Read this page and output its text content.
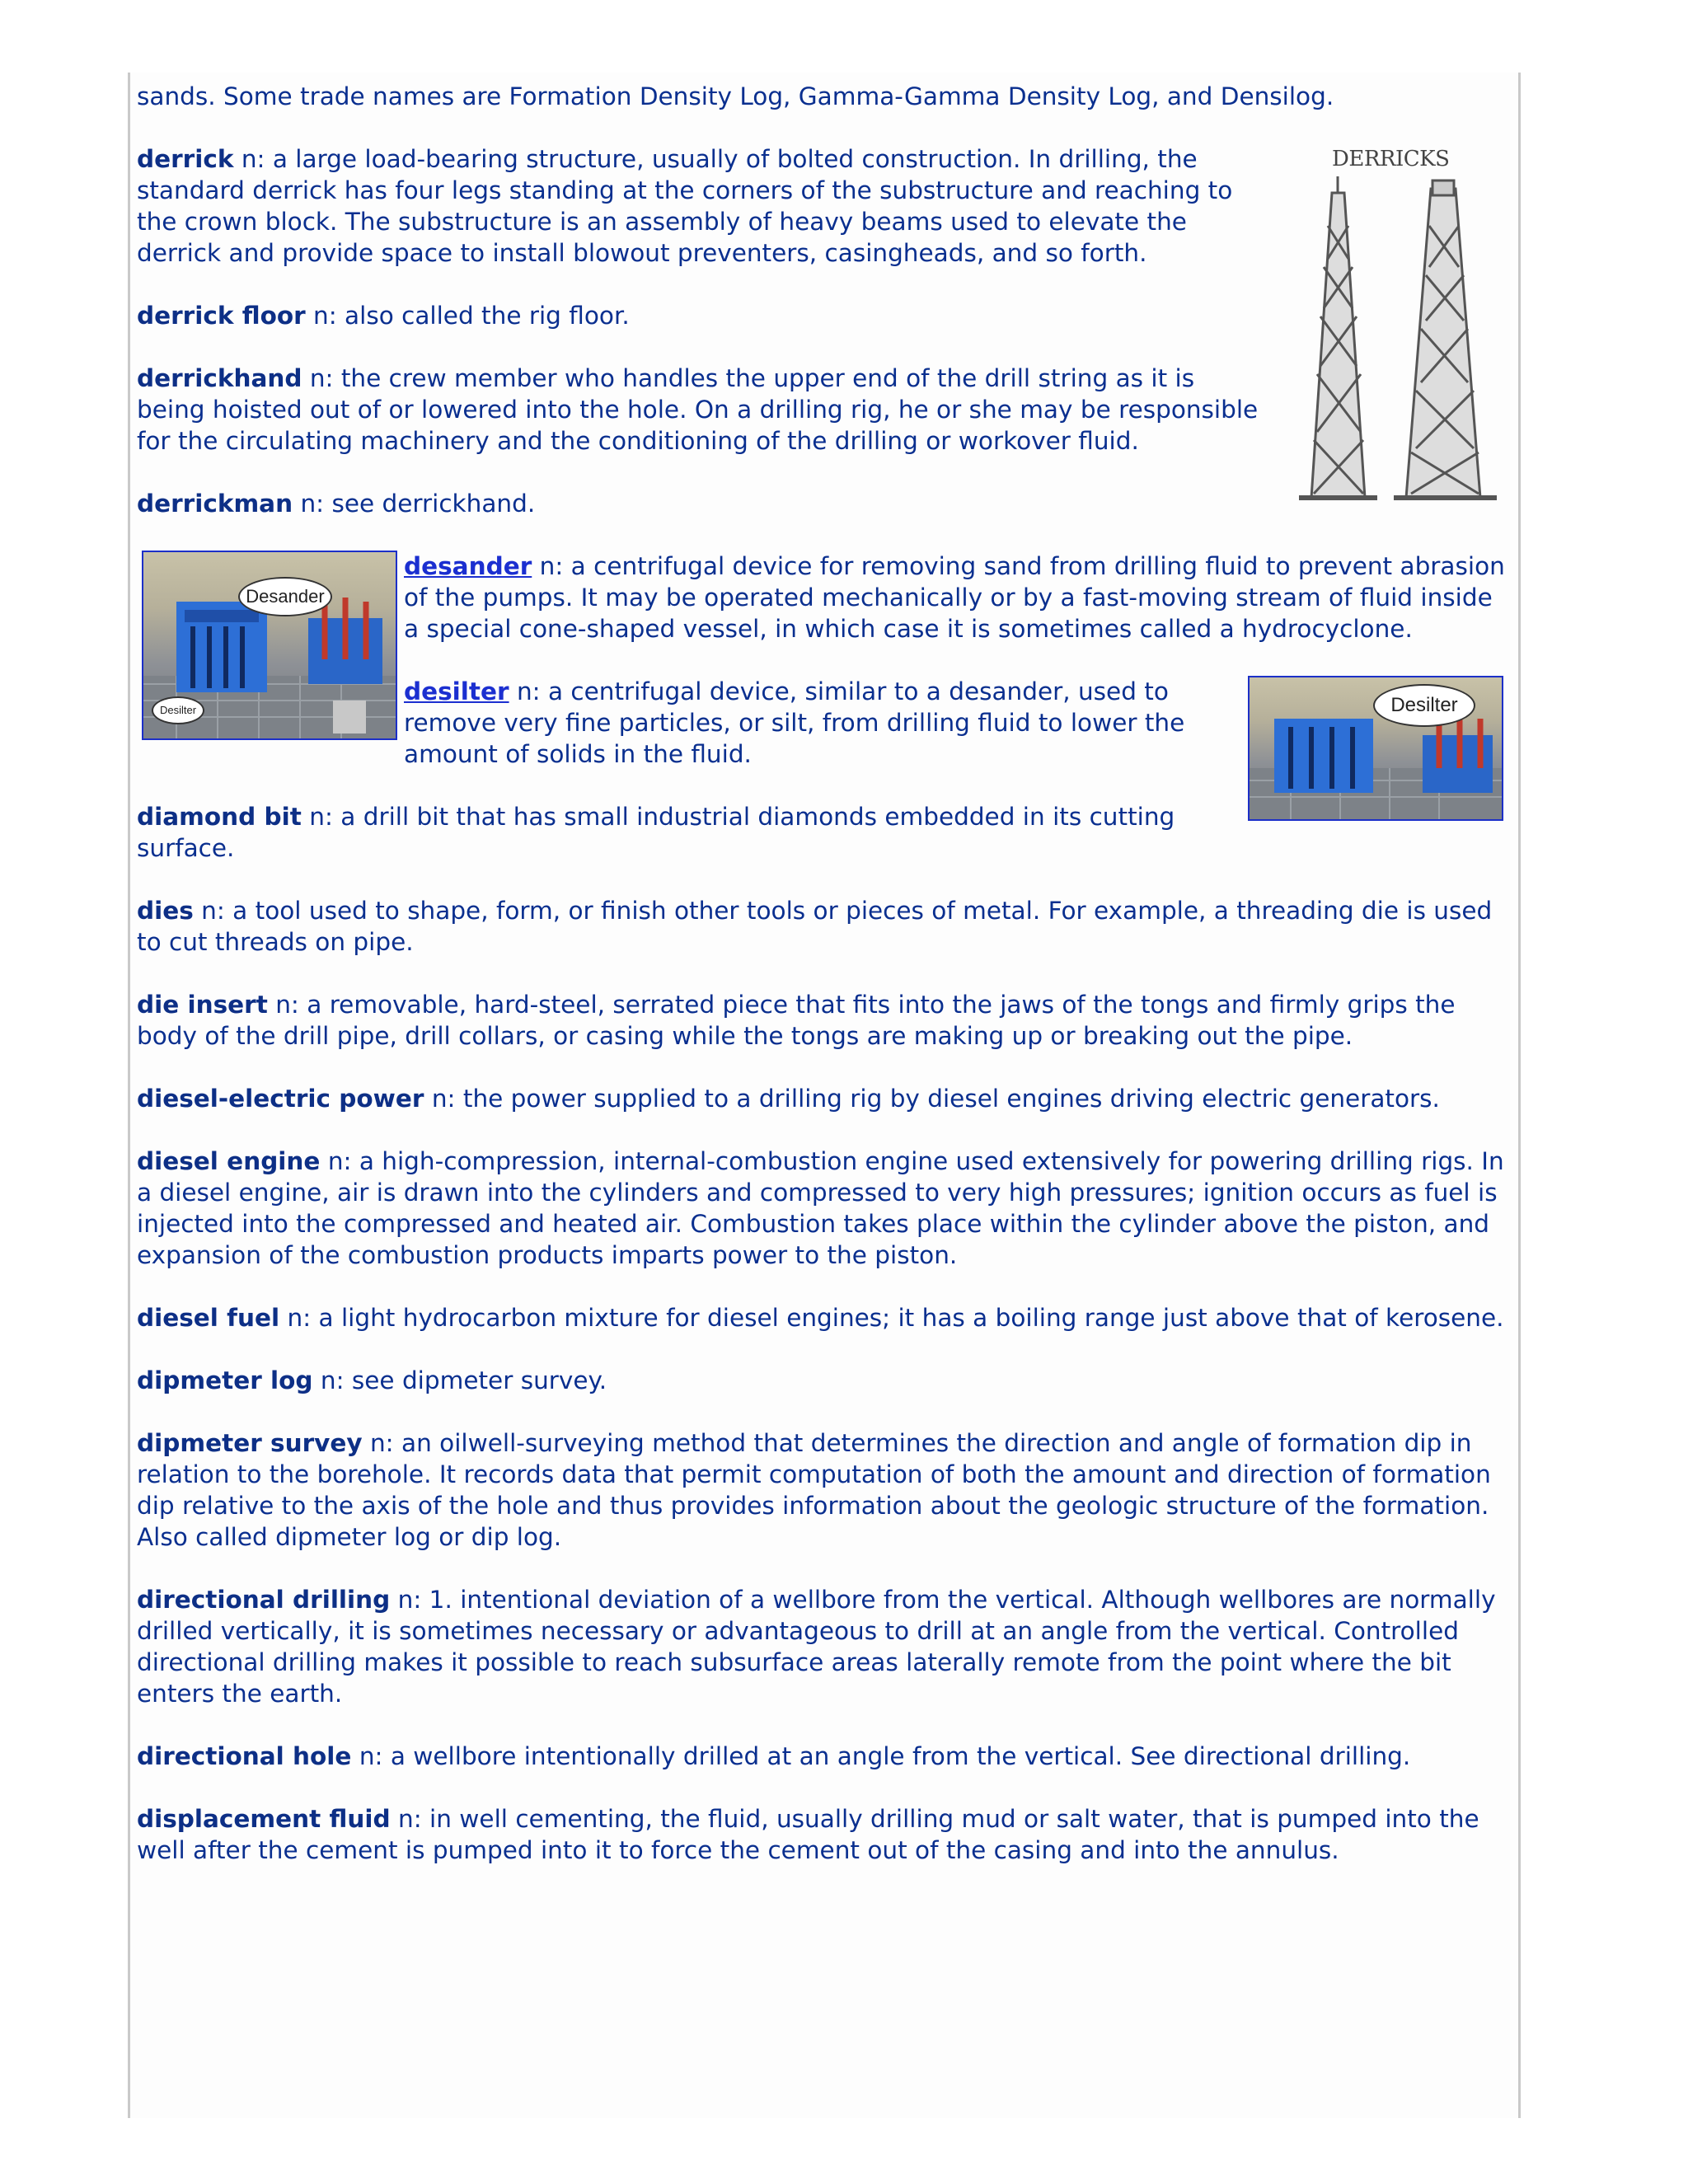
sands. Some trade names are Formation Density Log, Gamma-Gamma Density Log, and Densilog.

DERRICKS

derrick n: a large load-bearing structure, usually of bolted construction. In drilling, the standard derrick has four legs standing at the corners of the substructure and reaching to the crown block. The substructure is an assembly of heavy beams used to elevate the derrick and provide space to install blowout preventers, casingheads, and so forth.

derrick floor n: also called the rig floor.

derrickhand n: the crew member who handles the upper end of the drill string as it is being hoisted out of or lowered into the hole. On a drilling rig, he or she may be responsible for the circulating machinery and the conditioning of the drilling or workover fluid.

derrickman n: see derrickhand.

Desander
Desilter

desander n: a centrifugal device for removing sand from drilling fluid to prevent abrasion of the pumps. It may be operated mechanically or by a fast-moving stream of fluid inside a special cone-shaped vessel, in which case it is sometimes called a hydrocyclone.

Desilter

desilter n: a centrifugal device, similar to a desander, used to remove very fine particles, or silt, from drilling fluid to lower the amount of solids in the fluid.

diamond bit n: a drill bit that has small industrial diamonds embedded in its cutting surface.

dies n: a tool used to shape, form, or finish other tools or pieces of metal. For example, a threading die is used to cut threads on pipe.

die insert n: a removable, hard-steel, serrated piece that fits into the jaws of the tongs and firmly grips the body of the drill pipe, drill collars, or casing while the tongs are making up or breaking out the pipe.

diesel-electric power n: the power supplied to a drilling rig by diesel engines driving electric generators.

diesel engine n: a high-compression, internal-combustion engine used extensively for powering drilling rigs. In a diesel engine, air is drawn into the cylinders and compressed to very high pressures; ignition occurs as fuel is injected into the compressed and heated air. Combustion takes place within the cylinder above the piston, and expansion of the combustion products imparts power to the piston.

diesel fuel n: a light hydrocarbon mixture for diesel engines; it has a boiling range just above that of kerosene.

dipmeter log n: see dipmeter survey.

dipmeter survey n: an oilwell-surveying method that determines the direction and angle of formation dip in relation to the borehole. It records data that permit computation of both the amount and direction of formation dip relative to the axis of the hole and thus provides information about the geologic structure of the formation. Also called dipmeter log or dip log.

directional drilling n: 1. intentional deviation of a wellbore from the vertical. Although wellbores are normally drilled vertically, it is sometimes necessary or advantageous to drill at an angle from the vertical. Controlled directional drilling makes it possible to reach subsurface areas laterally remote from the point where the bit enters the earth.

directional hole n: a wellbore intentionally drilled at an angle from the vertical. See directional drilling.

displacement fluid n: in well cementing, the fluid, usually drilling mud or salt water, that is pumped into the well after the cement is pumped into it to force the cement out of the casing and into the annulus.
